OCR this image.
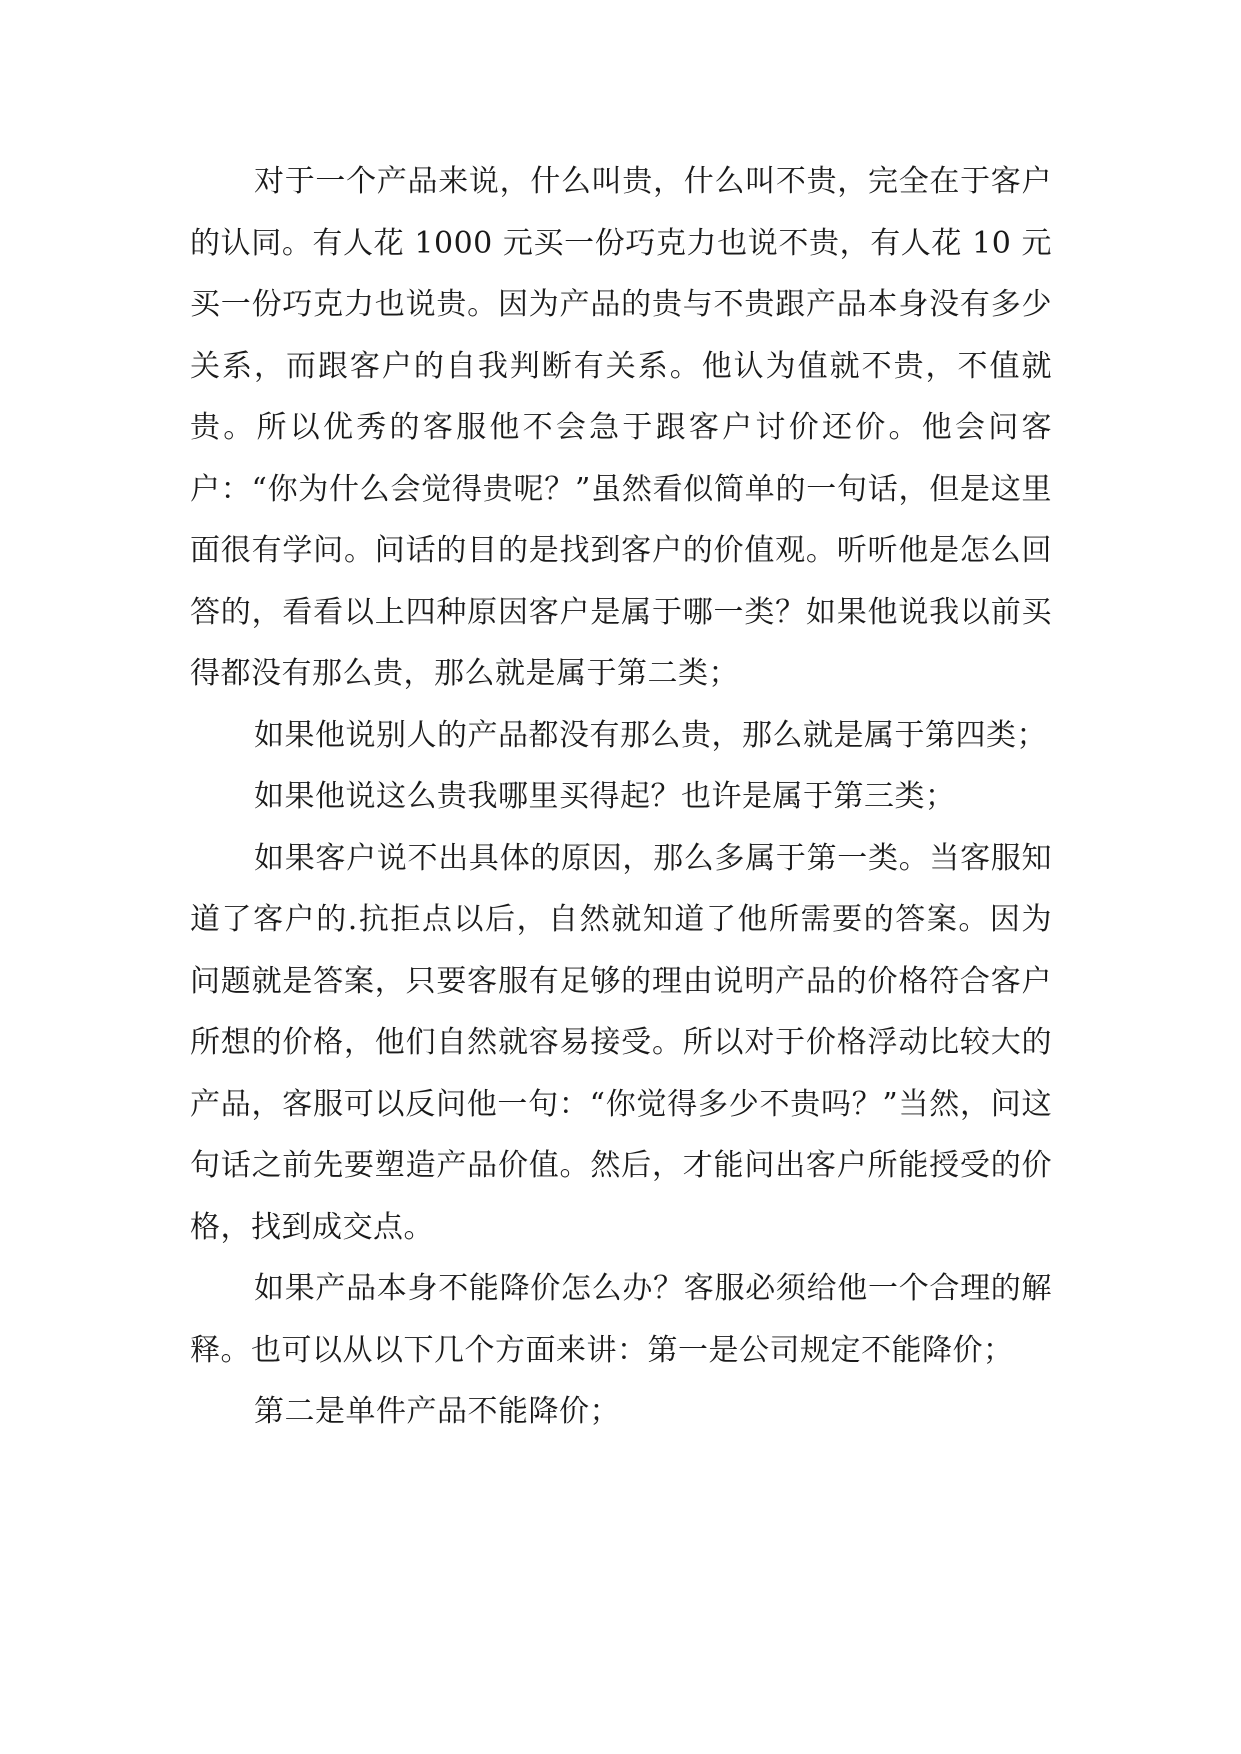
对于一个产品来说，什么叫贵，什么叫不贵，完全在于客户的认同。有人花 1000 元买一份巧克力也说不贵，有人花 10 元买一份巧克力也说贵。因为产品的贵与不贵跟产品本身没有多少关系，而跟客户的自我判断有关系。他认为值就不贵，不值就贵。所以优秀的客服他不会急于跟客户讨价还价。他会问客户：“你为什么会觉得贵呢？”虽然看似简单的一句话，但是这里面很有学问。问话的目的是找到客户的价值观。听听他是怎么回答的，看看以上四种原因客户是属于哪一类？如果他说我以前买得都没有那么贵，那么就是属于第二类；

如果他说别人的产品都没有那么贵，那么就是属于第四类；

如果他说这么贵我哪里买得起？也许是属于第三类；

如果客户说不出具体的原因，那么多属于第一类。当客服知道了客户的.抗拒点以后，自然就知道了他所需要的答案。因为问题就是答案，只要客服有足够的理由说明产品的价格符合客户所想的价格，他们自然就容易接受。所以对于价格浮动比较大的产品，客服可以反问他一句：“你觉得多少不贵吗？”当然，问这句话之前先要塑造产品价值。然后，才能问出客户所能授受的价格，找到成交点。

如果产品本身不能降价怎么办？客服必须给他一个合理的解释。也可以从以下几个方面来讲：第一是公司规定不能降价；

第二是单件产品不能降价；
